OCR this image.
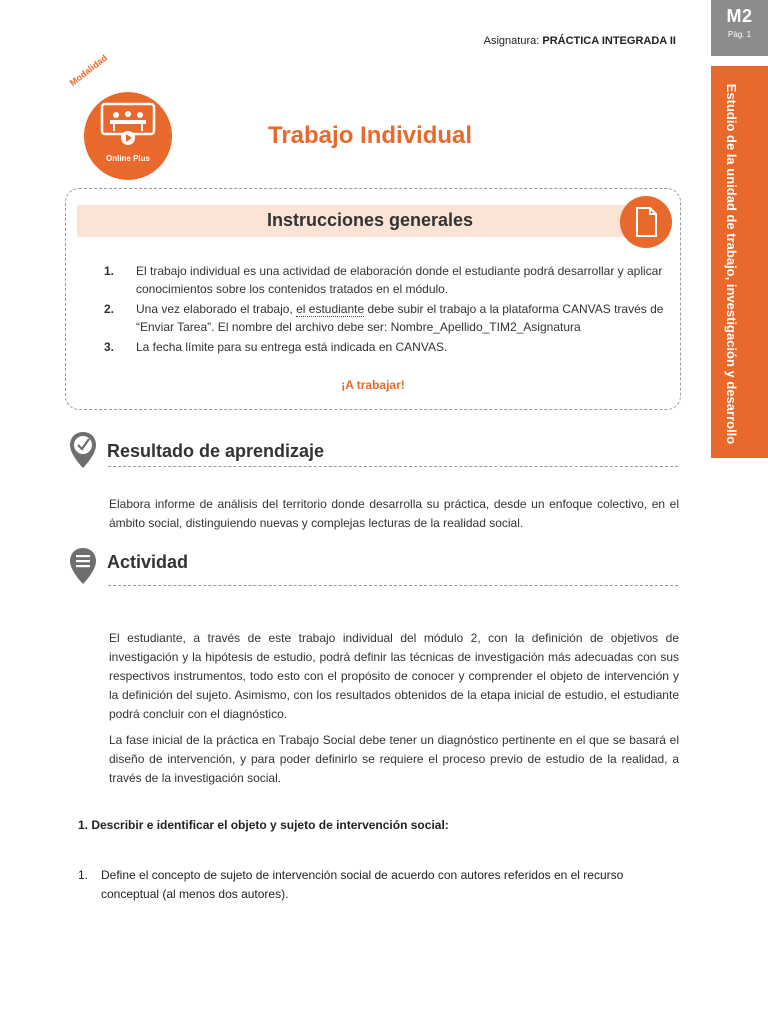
M2
Pág. 1
Estudio de la unidad de trabajo, investigación y desarrollo
Asignatura: PRÁCTICA INTEGRADA II
Modalidad
Online Plus
Trabajo Individual
Instrucciones generales
1. El trabajo individual es una actividad de elaboración donde el estudiante podrá desarrollar y aplicar conocimientos sobre los contenidos tratados en el módulo.
2. Una vez elaborado el trabajo, el estudiante debe subir el trabajo a la plataforma CANVAS través de “Enviar Tarea”. El nombre del archivo debe ser: Nombre_Apellido_TIM2_Asignatura
3. La fecha límite para su entrega está indicada en CANVAS.
¡A trabajar!
Resultado de aprendizaje
Elabora informe de análisis del territorio donde desarrolla su práctica, desde un enfoque colectivo, en el ámbito social, distinguiendo nuevas y complejas lecturas de la realidad social.
Actividad
El estudiante, a través de este trabajo individual del módulo 2, con la definición de objetivos de investigación y la hipótesis de estudio, podrá definir las técnicas de investigación más adecuadas con sus respectivos instrumentos, todo esto con el propósito de conocer y comprender el objeto de intervención y la definición del sujeto. Asimismo, con los resultados obtenidos de la etapa inicial de estudio, el estudiante podrá concluir con el diagnóstico.
La fase inicial de la práctica en Trabajo Social debe tener un diagnóstico pertinente en el que se basará el diseño de intervención, y para poder definirlo se requiere el proceso previo de estudio de la realidad, a través de la investigación social.
1. Describir e identificar el objeto y sujeto de intervención social:
1. Define el concepto de sujeto de intervención social de acuerdo con autores referidos en el recurso conceptual (al menos dos autores).
